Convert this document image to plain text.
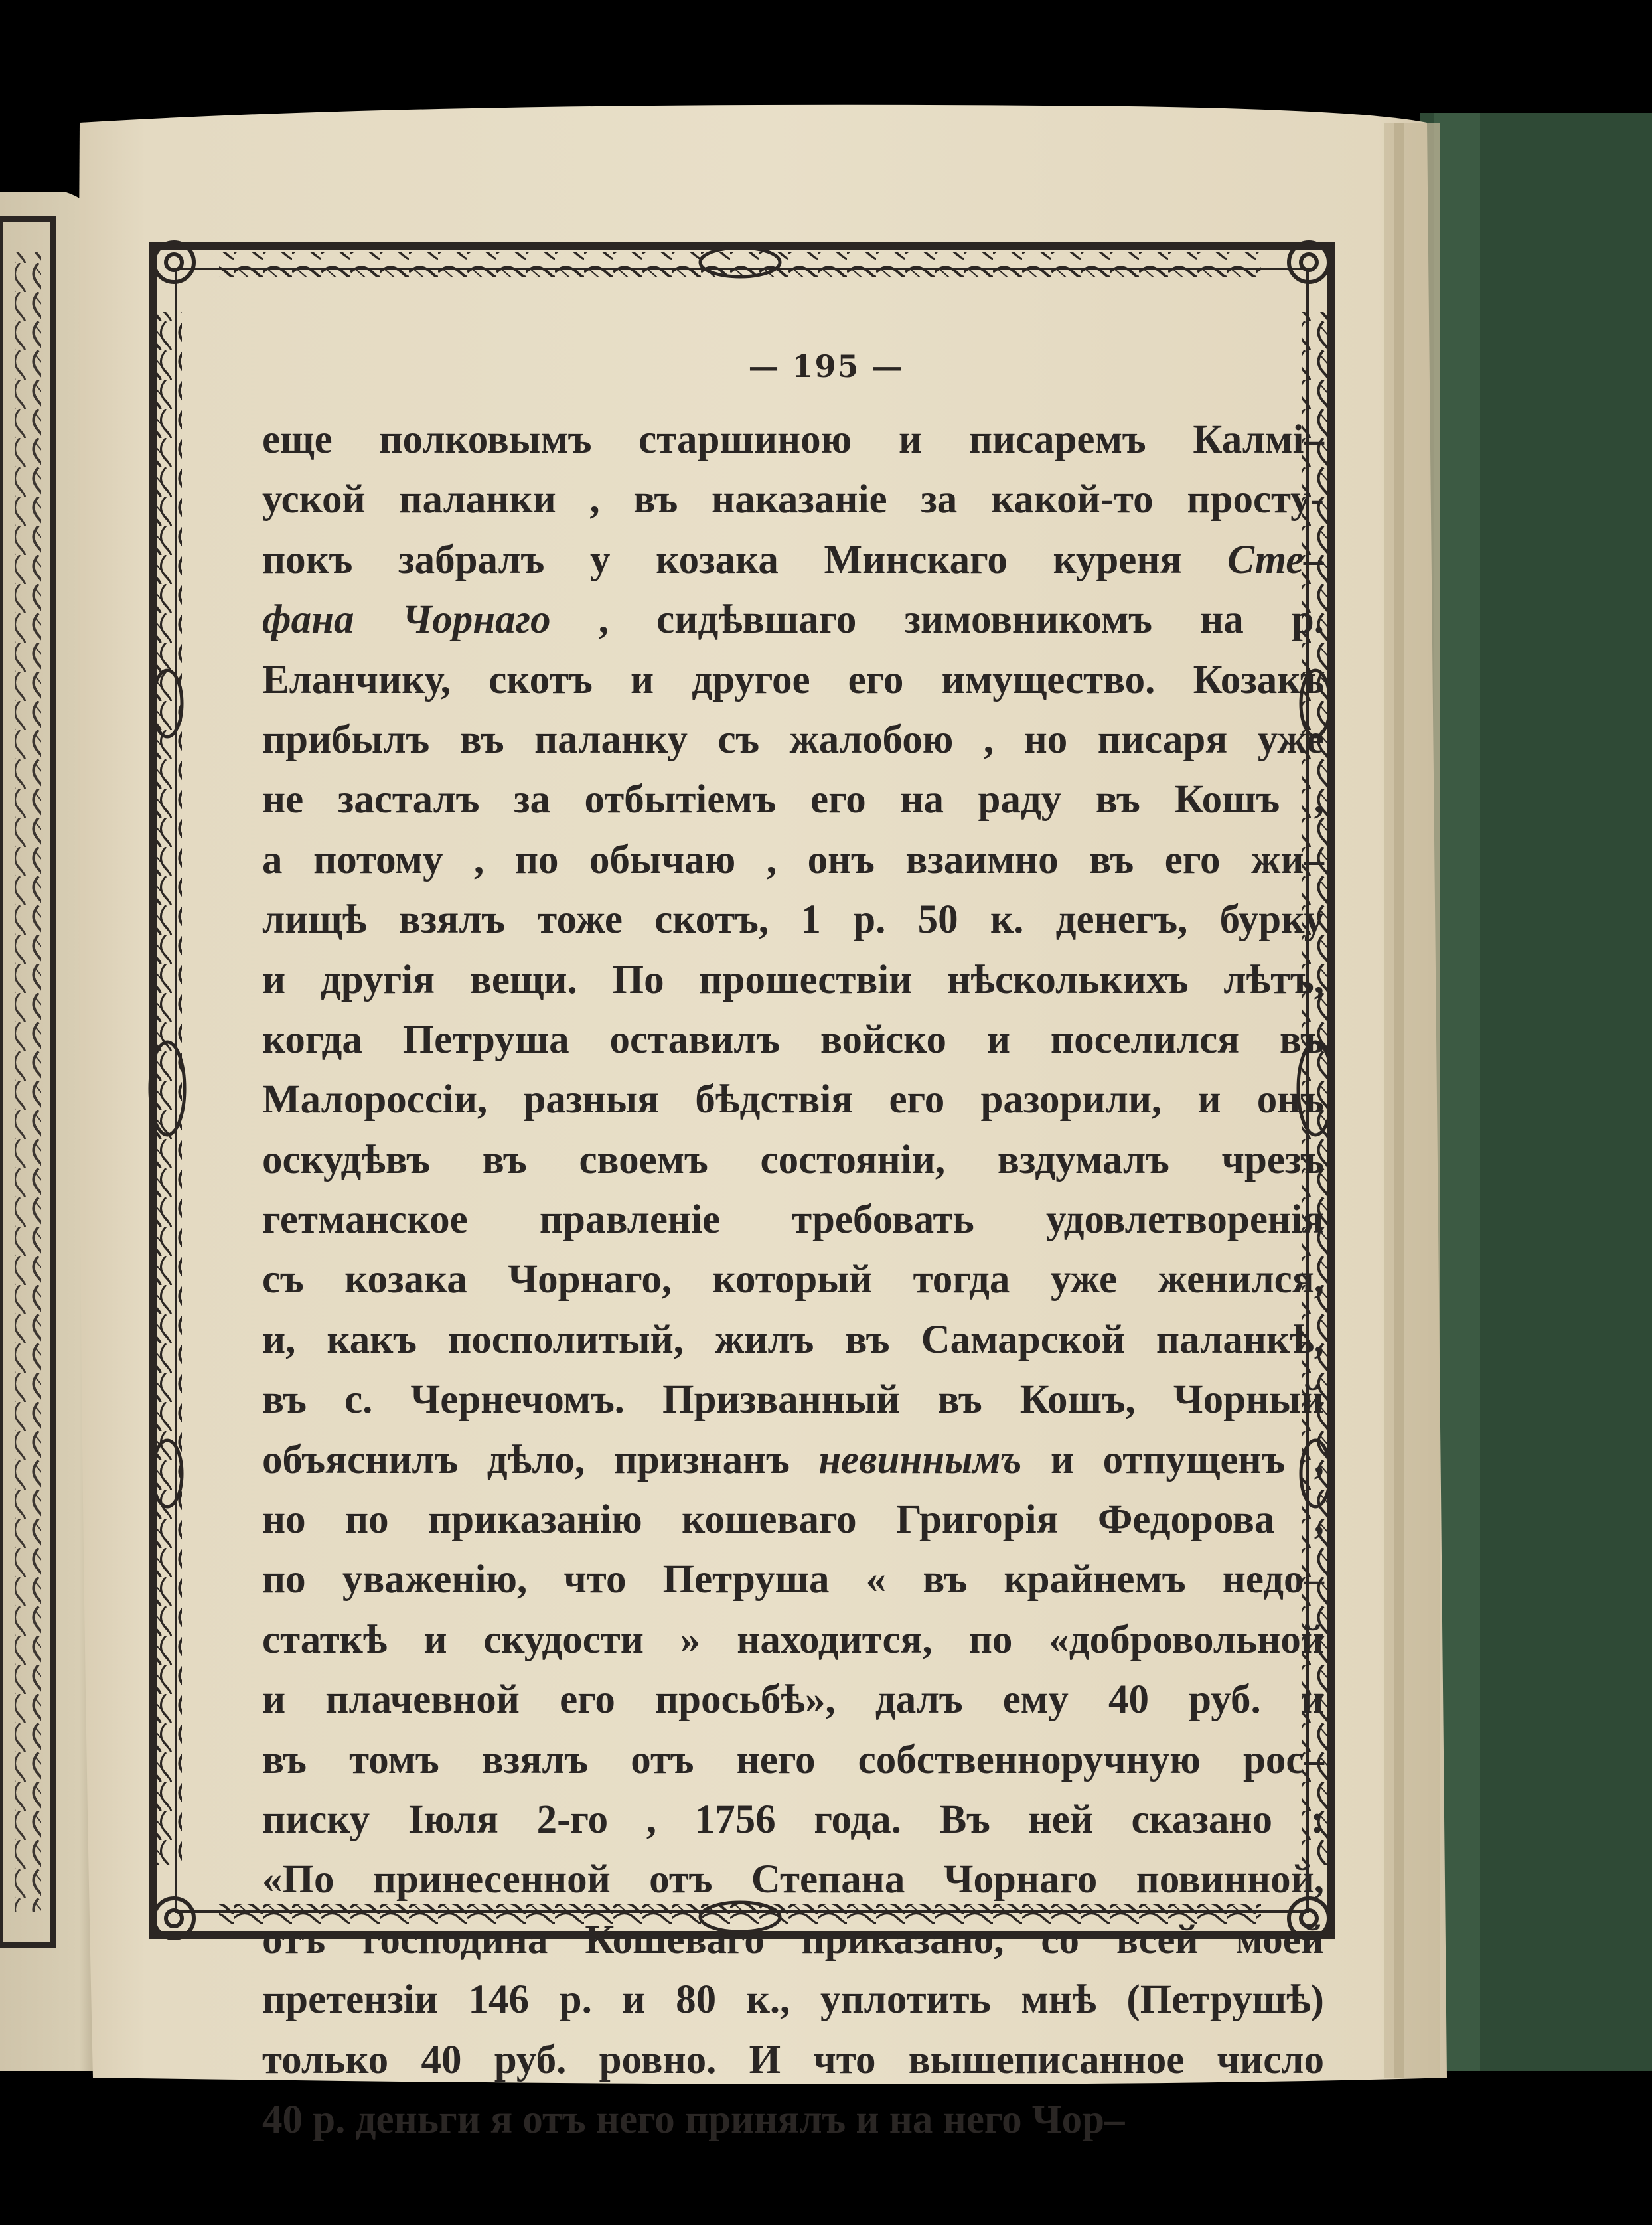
— 195 —
еще полковымъ старшиною и писаремъ Калмі–
уской паланки , въ наказаніе за какой-то просту-
покъ забралъ у козака Минскаго куреня Сте–
фана Чорнаго , сидѣвшаго зимовникомъ на р.
Еланчику, скотъ и другое его имущество. Козакъ
прибылъ въ паланку съ жалобою , но писаря уже
не засталъ за отбытіемъ его на раду въ Кошъ ,
а потому , по обычаю , онъ взаимно въ его жи–
лищѣ взялъ тоже скотъ, 1 р. 50 к. денегъ, бурку
и другія вещи. По прошествіи нѣсколькихъ лѣтъ,
когда Петруша оставилъ войско и поселился въ
Малороссіи, разныя бѣдствія его разорили, и онъ
оскудѣвъ въ своемъ состояніи, вздумалъ чрезъ
гетманское правленіе требовать удовлетворенія
съ козака Чорнаго, который тогда уже женился,
и, какъ посполитый, жилъ въ Самарской паланкѣ,
въ с. Чернечомъ. Призванный въ Кошъ, Чорный
объяснилъ дѣло, признанъ невиннымъ и отпущенъ ,
но по приказанію кошеваго Григорія Федорова ,
по уваженію, что Петруша « въ крайнемъ недо–
статкѣ и скудости » находится, по «добровольной
и плачевной его просьбѣ», далъ ему 40 руб. и
въ томъ взялъ отъ него собственноручную рос–
писку Іюля 2-го , 1756 года. Въ ней сказано :
«По принесенной отъ Степана Чорнаго повинной,
отъ господина Кошеваго приказано, со всей моей
претензіи 146 р. и 80 к., уплотить мнѣ (Петрушѣ)
только 40 руб. ровно. И что вышеписанное число
40 р. деньги я отъ него принялъ и на него Чор–
